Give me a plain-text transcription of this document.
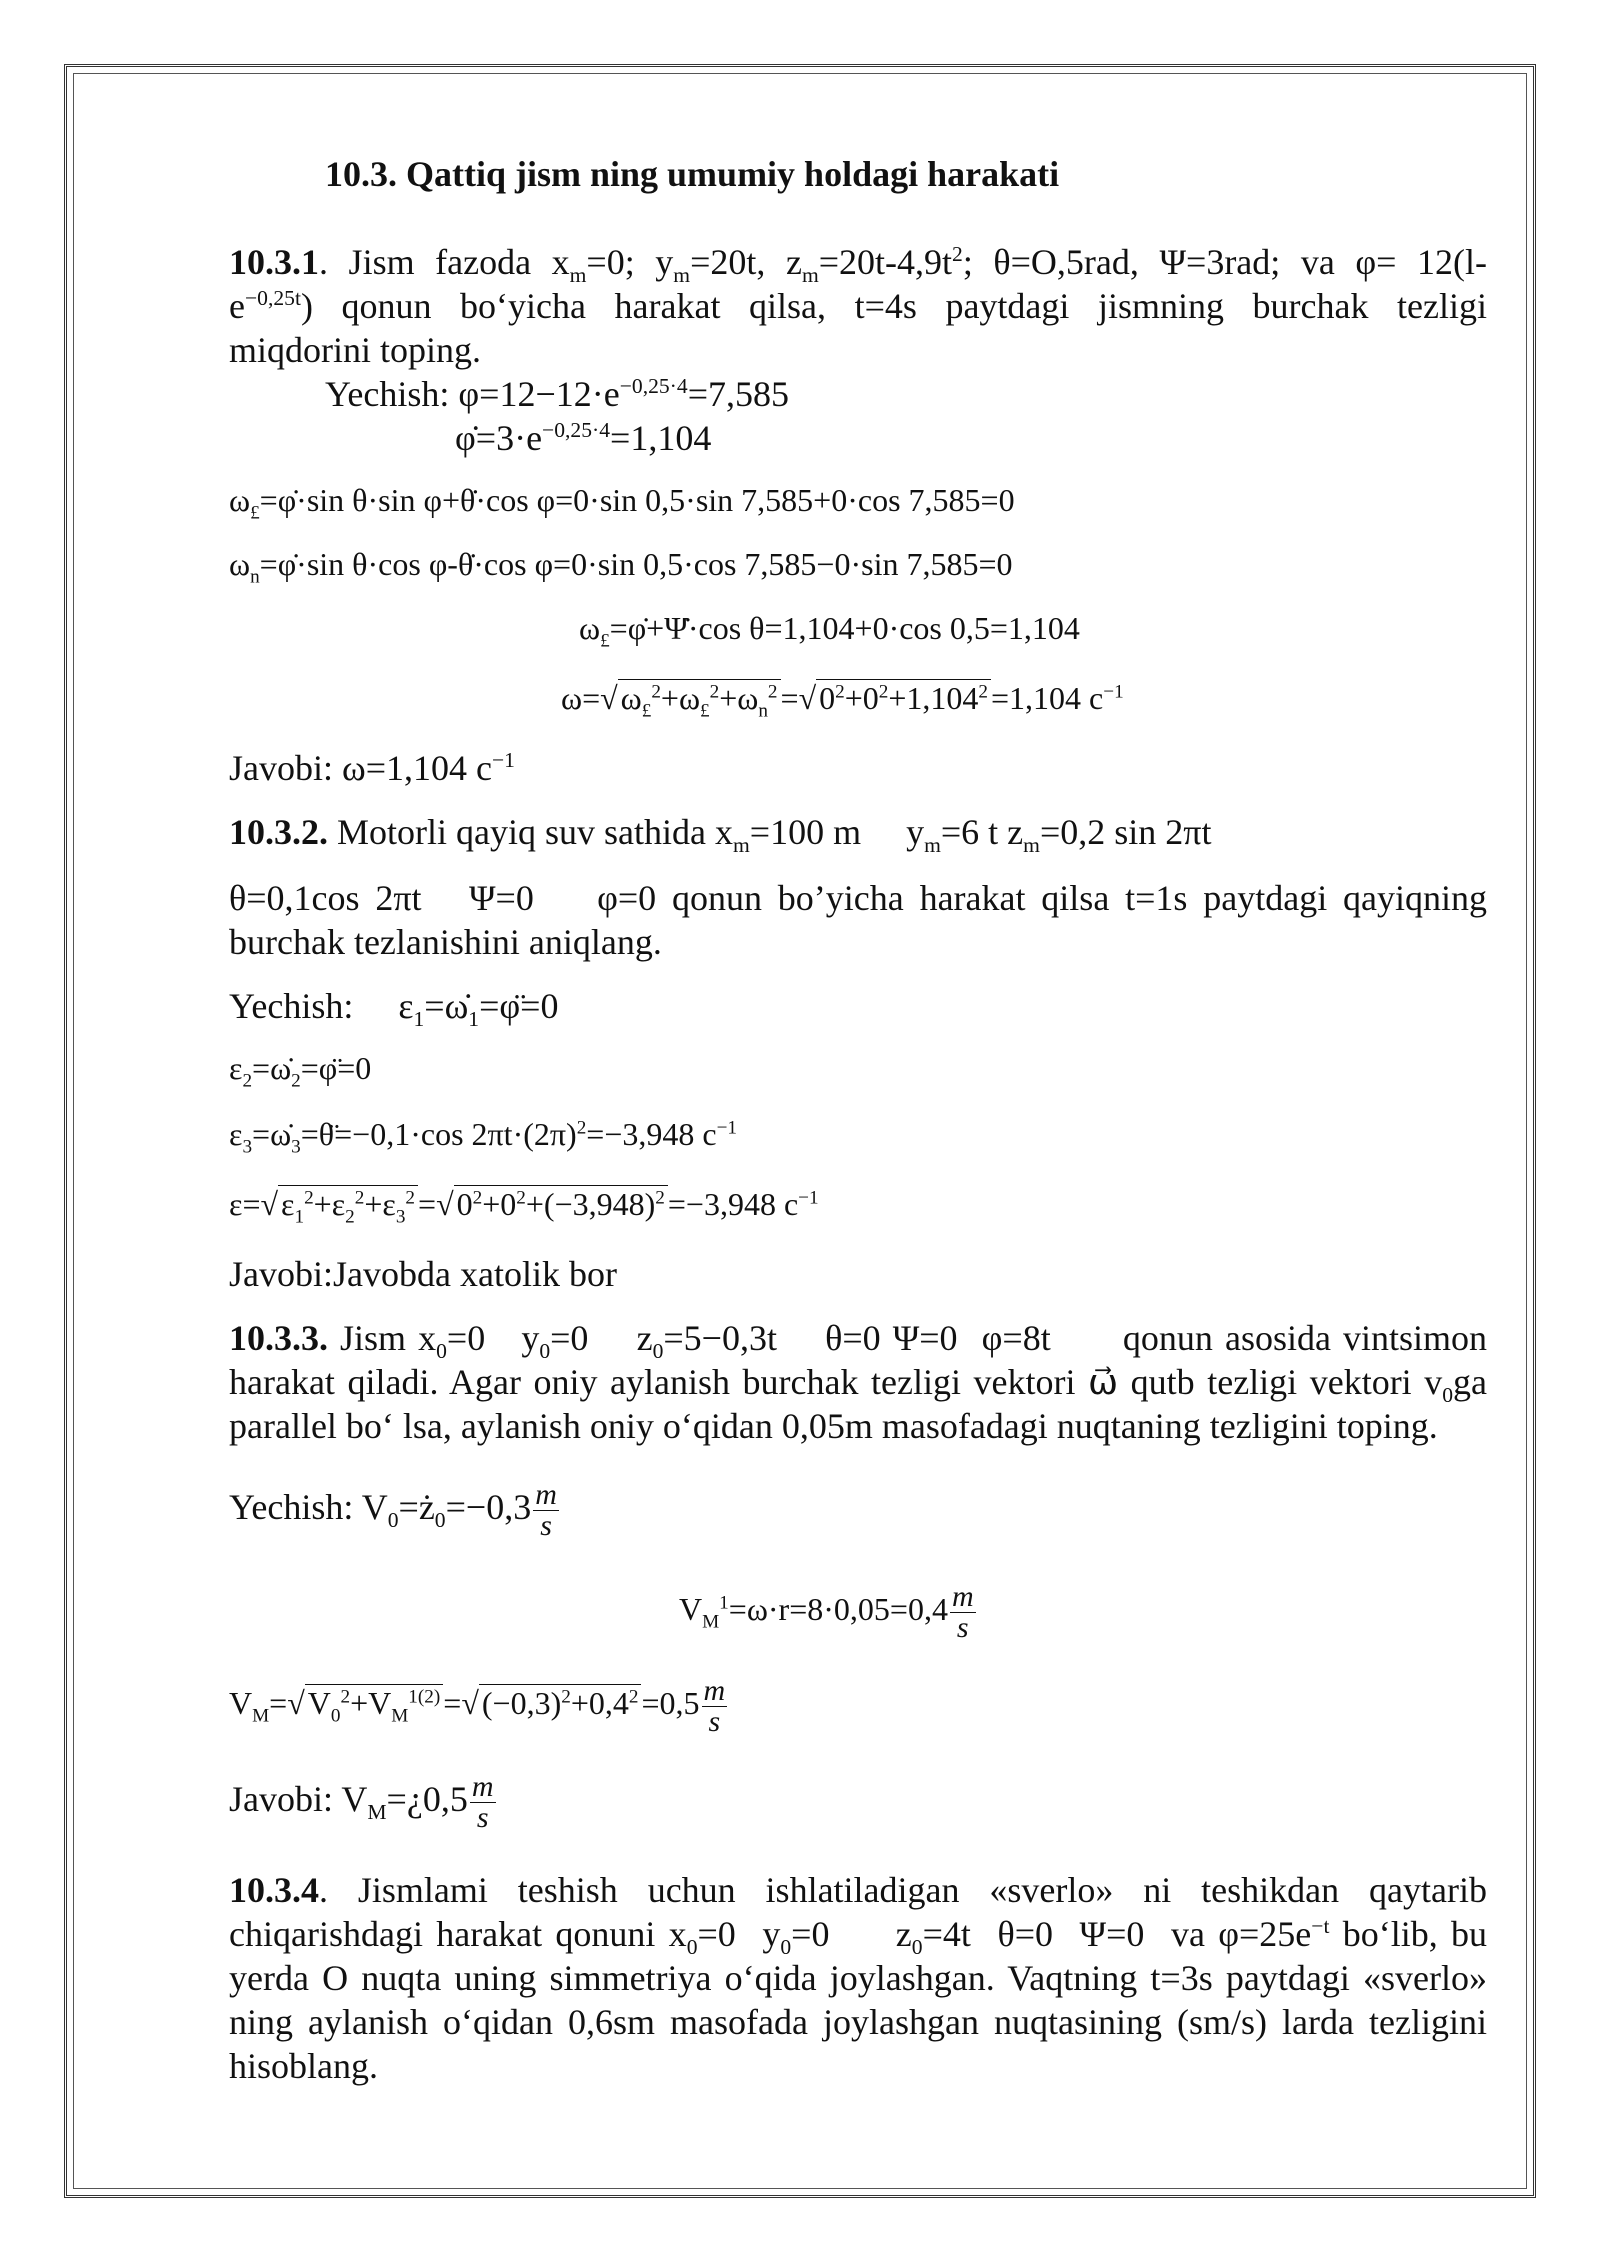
10.3. Qattiq jism ning umumiy holdagi harakati
10.3.1. Jism fazoda $x_m=0$; $y_m=20t$, $z_m=20t-4,9t^2$; θ=O,5rad, Ψ=3rad; va φ= 12(l-
$e^{-0,25t}$) qonun bo‘yicha harakat qilsa, t=4s paytdagi jismning burchak tezligi
miqdorini toping.
Yechish: $\varphi=12-12\cdot e^{-0,25\cdot 4}=7,585$
$\varphi̇=3\cdot e^{-0,25\cdot 4}=1,104$
$\omega_£=\varphi̇\cdot\sin$ θ·sin φ+θ̇·cos φ=0·sin 0,5·sin 7,585+0·cos 7,585=0
$\omega_n=\varphi̇\cdot\sin$ θ·cos φ-θ̇·cos φ=0·sin 0,5·cos 7,585−0·sin 7,585=0
$\omega_£=\varphi̇+\Psi̇\cdot\cos$ θ=1,104+0·cos 0,5=1,104
$\omega=√\omega_£^2+\omega_£^2+\omega_n^2=√0^2+0^2+1,104^2=1,104$ $c^{-1}$
Javobi: ω=1,104 $c^{-1}$
10.3.2. Motorli qayiq suv sathida $x_m=100$ m     $y_m=6$ t $z_m=0,2$ sin 2πt
θ=0,1cos 2πt   Ψ=0    φ=0 qonun bo’yicha harakat qilsa t=1s paytdagi qayiqning
burchak tezlanishini aniqlang.
Yechish:     $\varepsilon_1=\omegȧ_1=\varphï=0$
$\varepsilon_2=\omegȧ_2=\varphï=0$
$\varepsilon_3=\omegȧ_3=\thetä=-0,1\cdot\cos$ $2\pi t\cdot(2\pi)^2=-3,948$ $c^{-1}$
$\varepsilon=√\varepsilon_1^2+\varepsilon_2^2+\varepsilon_3^2=√0^2+0^2+(-3,948)^2=-3,948$ $c^{-1}$
Javobi:Javobda xatolik bor
10.3.3. Jism $x_0=0$   $y_0=0$    $z_0=5-0,3t$    θ=0 Ψ=0  φ=8t      qonun asosida vintsimon
harakat qiladi. Agar oniy aylanish burchak tezligi vektori ω⃗ qutb tezligi vektori $v_0ga$
parallel bo‘ lsa, aylanish oniy o‘qidan 0,05m masofadagi nuqtaning tezligini toping.
Yechish: $V_0=ż_0=-0,3 \frac{m}{s}$
$V_M^1=\omega\cdot r=8\cdot 0,05=0,4 \frac{m}{s}$
$V_M=√V_0^2+V_M^{1(2)}=√(-0,3)^2+0,4^2=0,5 \frac{m}{s}$
Javobi: $V_M=¿0,5 \frac{m}{s}$
10.3.4. Jismlami teshish uchun ishlatiladigan «sverlo» ni teshikdan qaytarib
chiqarishdagi harakat qonuni $x_0=0$  $y_0=0$     $z_0=4t$  θ=0  Ψ=0  va $\varphi=25e^{-t}$ bo‘lib, bu
yerda O nuqta uning simmetriya o‘qida joylashgan. Vaqtning t=3s paytdagi «sverlo»
ning aylanish o‘qidan 0,6sm masofada joylashgan nuqtasining (sm/s) larda tezligini
hisoblang.
